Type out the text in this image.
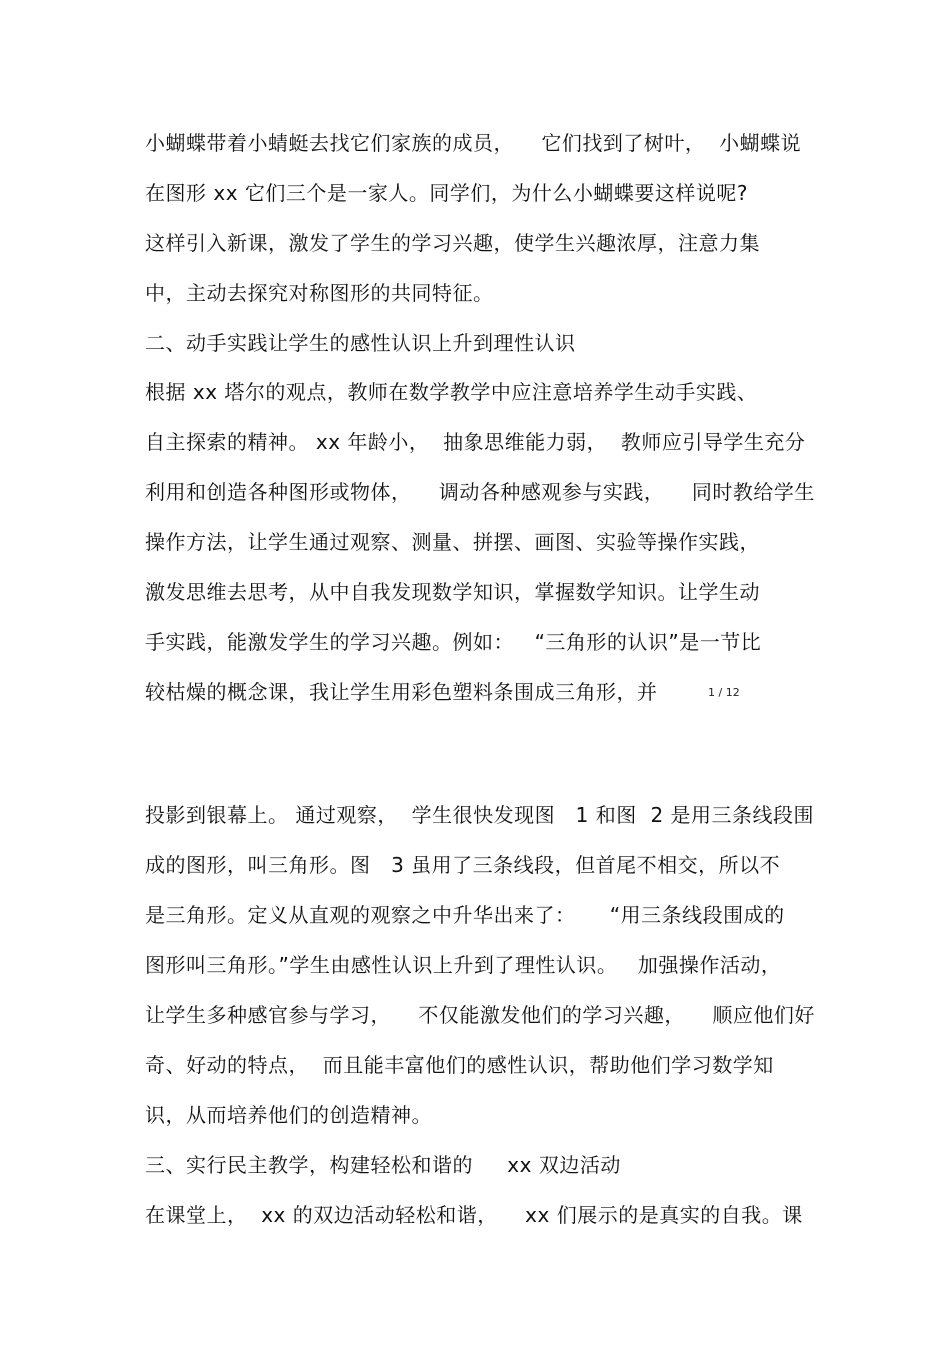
小蝴蝶带着小蜻蜓去找它们家族的成员，    它们找到了树叶，  小蝴蝶说
在图形 xx 它们三个是一家人。同学们，为什么小蝴蝶要这样说呢?
这样引入新课，激发了学生的学习兴趣，使学生兴趣浓厚，注意力集
中，主动去探究对称图形的共同特征。
二、动手实践让学生的感性认识上升到理性认识
根据 xx 塔尔的观点，教师在数学教学中应注意培养学生动手实践、
自主探索的精神。 xx 年龄小，  抽象思维能力弱，  教师应引导学生充分
利用和创造各种图形或物体，    调动各种感观参与实践，    同时教给学生
操作方法，让学生通过观察、测量、拼摆、画图、实验等操作实践，
激发思维去思考，从中自我发现数学知识，掌握数学知识。让学生动
手实践，能激发学生的学习兴趣。例如：   “三角形的认识”是一节比
较枯燥的概念课，我让学生用彩色塑料条围成三角形，并	1 / 12
投影到银幕上。 通过观察，  学生很快发现图   1 和图  2 是用三条线段围
成的图形，叫三角形。图   3 虽用了三条线段，但首尾不相交，所以不
是三角形。定义从直观的观察之中升华出来了：     “用三条线段围成的
图形叫三角形。”学生由感性认识上升到了理性认识。   加强操作活动，
让学生多种感官参与学习，    不仅能激发他们的学习兴趣，    顺应他们好
奇、好动的特点，  而且能丰富他们的感性认识，帮助他们学习数学知
识，从而培养他们的创造精神。
三、实行民主教学，构建轻松和谐的     xx 双边活动
在课堂上，  xx 的双边活动轻松和谐，    xx 们展示的是真实的自我。课
